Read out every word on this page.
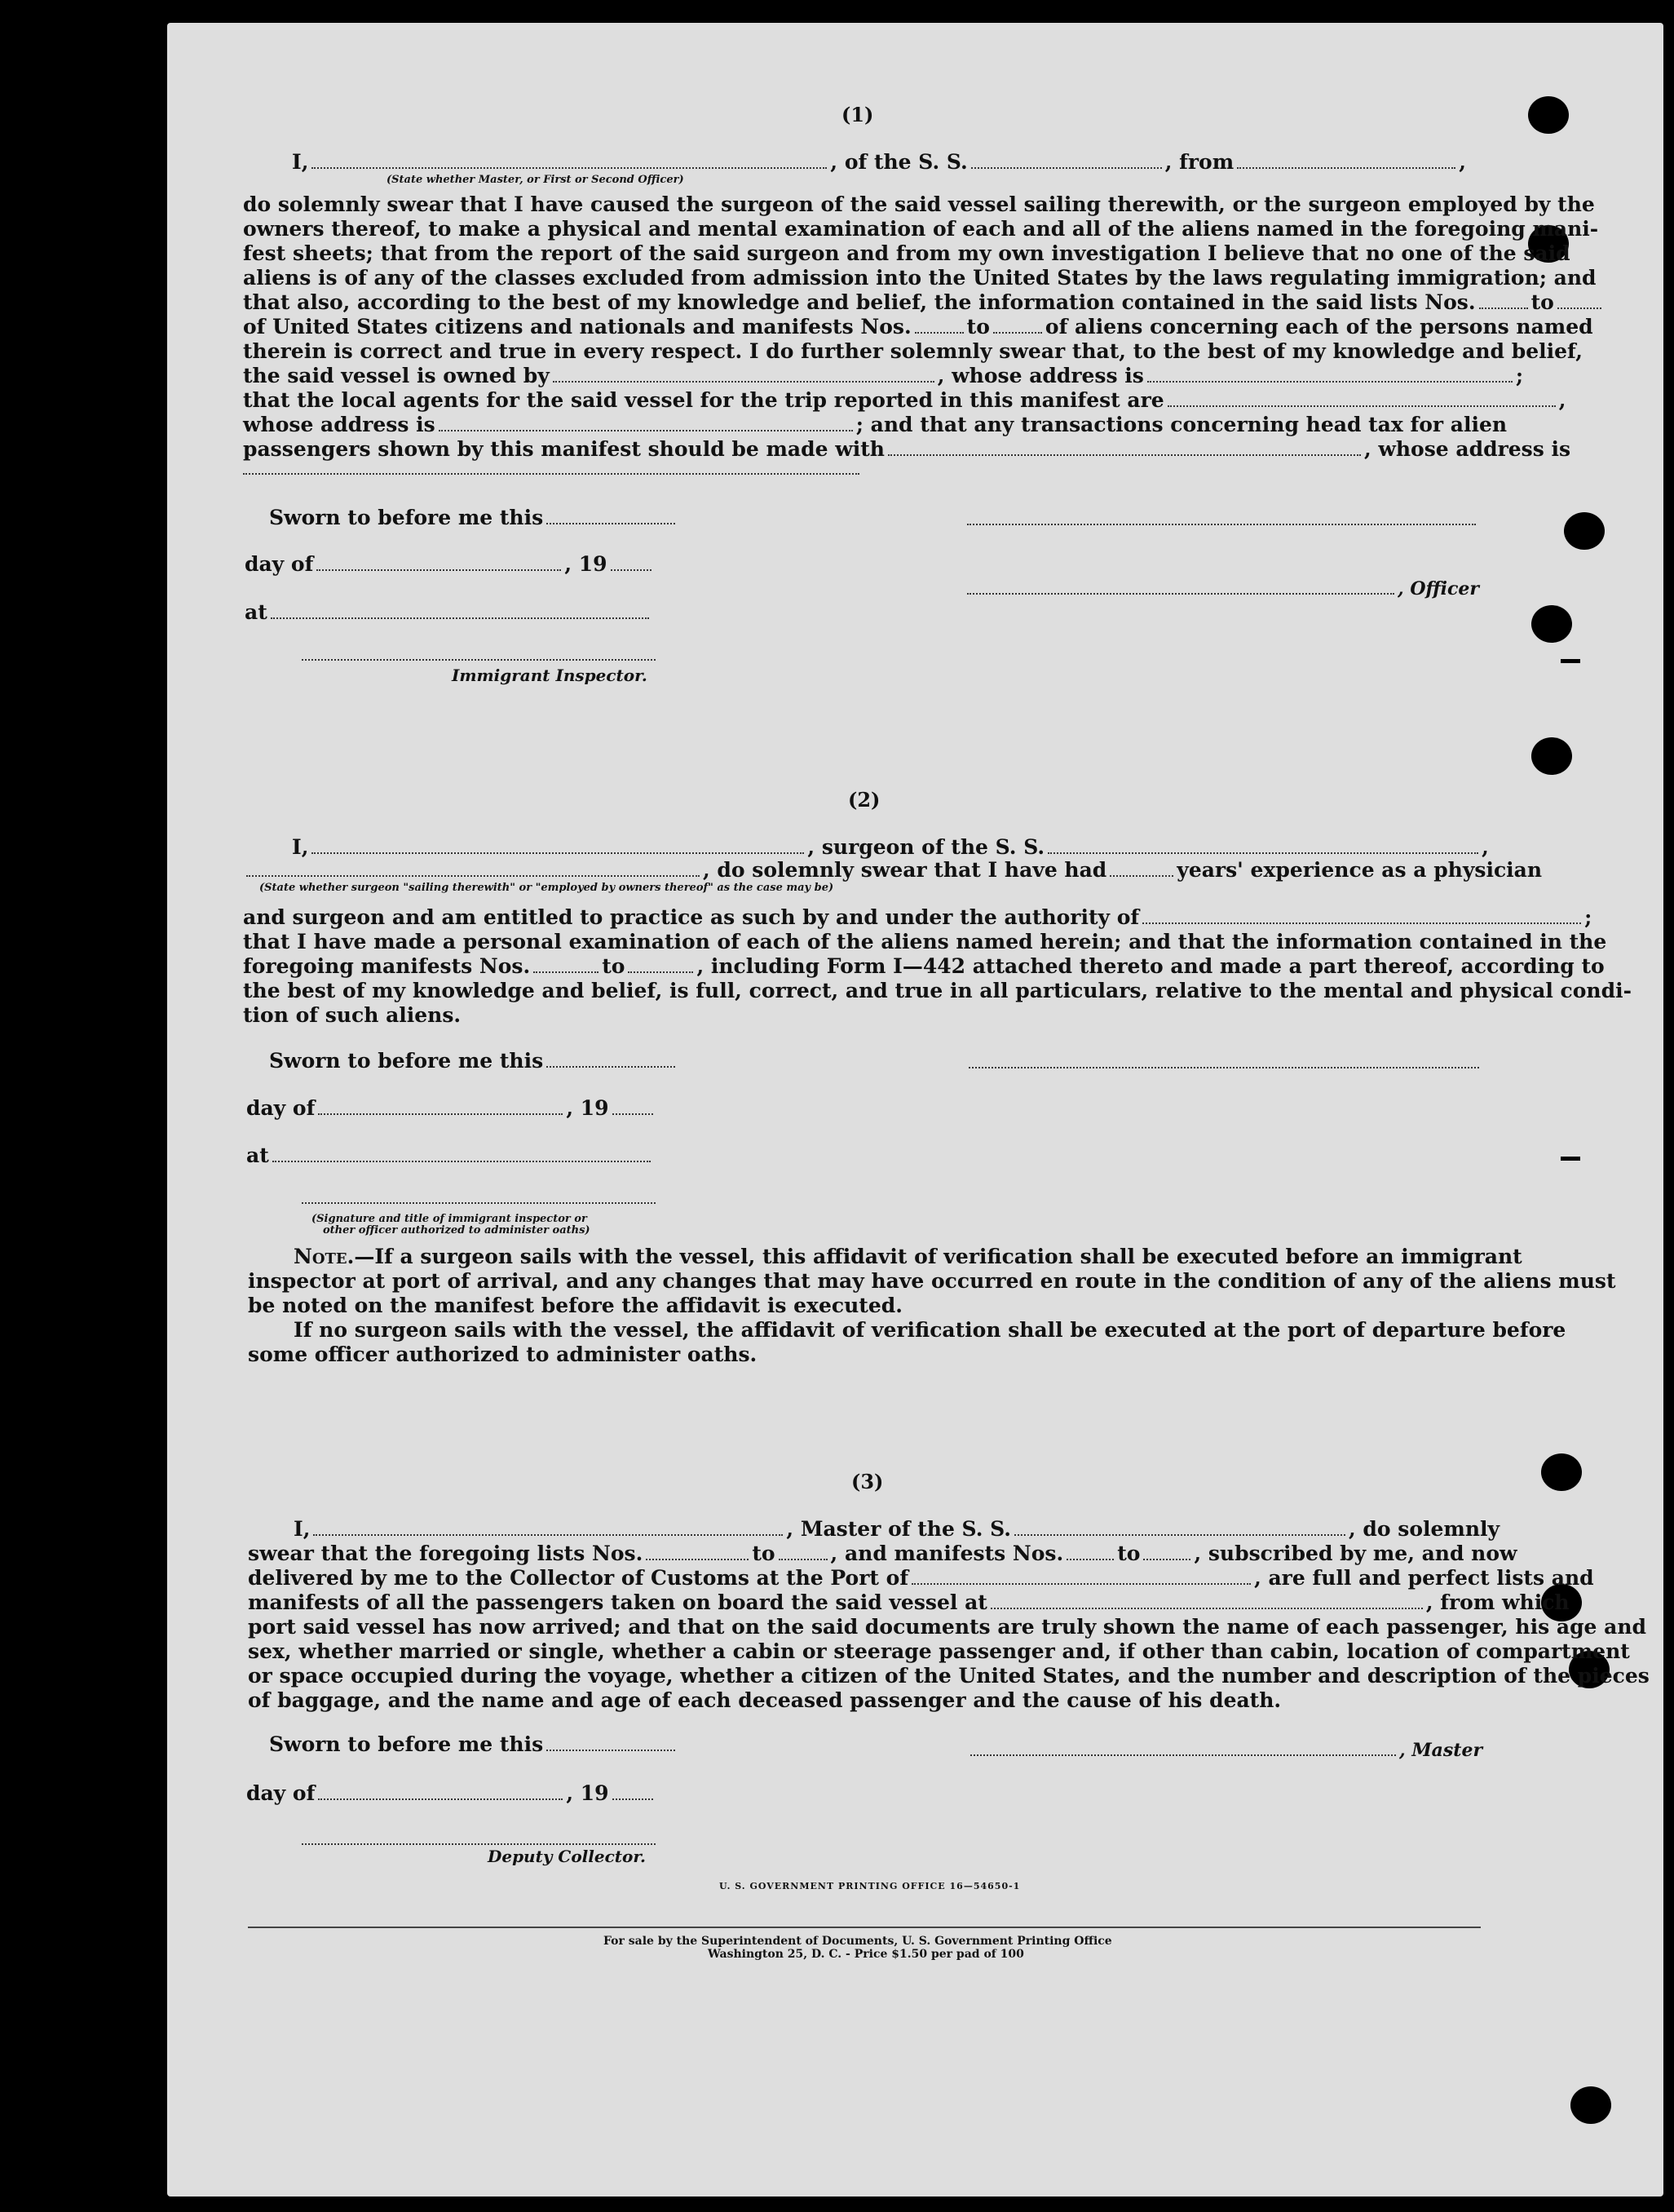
(1)
I,	, of the S. S.	, from	,
(State whether Master, or First or Second Officer)
do solemnly swear that I have caused the surgeon of the said vessel sailing therewith, or the surgeon employed by the
owners thereof, to make a physical and mental examination of each and all of the aliens named in the foregoing mani-
fest sheets; that from the report of the said surgeon and from my own investigation I believe that no one of the said
aliens is of any of the classes excluded from admission into the United States by the laws regulating immigration; and
that also, according to the best of my knowledge and belief, the information contained in the said lists Nos.	to
of United States citizens and nationals and manifests Nos.	to	of aliens concerning each of the persons named
therein is correct and true in every respect. I do further solemnly swear that, to the best of my knowledge and belief,
the said vessel is owned by	, whose address is	;
that the local agents for the said vessel for the trip reported in this manifest are	,
whose address is	; and that any transactions concerning head tax for alien
passengers shown by this manifest should be made with	, whose address is
Sworn to before me this
day of	, 19
, Officer
at
Immigrant Inspector.
(2)
I,	, surgeon of the S. S.	,
, do solemnly swear that I have had	years' experience as a physician
(State whether surgeon "sailing therewith" or "employed by owners thereof" as the case may be)
and surgeon and am entitled to practice as such by and under the authority of	;
that I have made a personal examination of each of the aliens named herein; and that the information contained in the
foregoing manifests Nos.	to	, including Form I—442 attached thereto and made a part thereof, according to
the best of my knowledge and belief, is full, correct, and true in all particulars, relative to the mental and physical condi-
tion of such aliens.
Sworn to before me this
day of	, 19
at
(Signature and title of immigrant inspector or
other officer authorized to administer oaths)
Note.—If a surgeon sails with the vessel, this affidavit of verification shall be executed before an immigrant
inspector at port of arrival, and any changes that may have occurred en route in the condition of any of the aliens must
be noted on the manifest before the affidavit is executed.
If no surgeon sails with the vessel, the affidavit of verification shall be executed at the port of departure before
some officer authorized to administer oaths.
(3)
I,	, Master of the S. S.	, do solemnly
swear that the foregoing lists Nos.	to	, and manifests Nos.	to	, subscribed by me, and now
delivered by me to the Collector of Customs at the Port of	, are full and perfect lists and
manifests of all the passengers taken on board the said vessel at	, from which
port said vessel has now arrived; and that on the said documents are truly shown the name of each passenger, his age and
sex, whether married or single, whether a cabin or steerage passenger and, if other than cabin, location of compartment
or space occupied during the voyage, whether a citizen of the United States, and the number and description of the pieces
of baggage, and the name and age of each deceased passenger and the cause of his death.
Sworn to before me this	, Master
day of	, 19
Deputy Collector.
U. S. GOVERNMENT PRINTING OFFICE 16—54650-1
For sale by the Superintendent of Documents, U. S. Government Printing Office
Washington 25, D. C. - Price $1.50 per pad of 100
